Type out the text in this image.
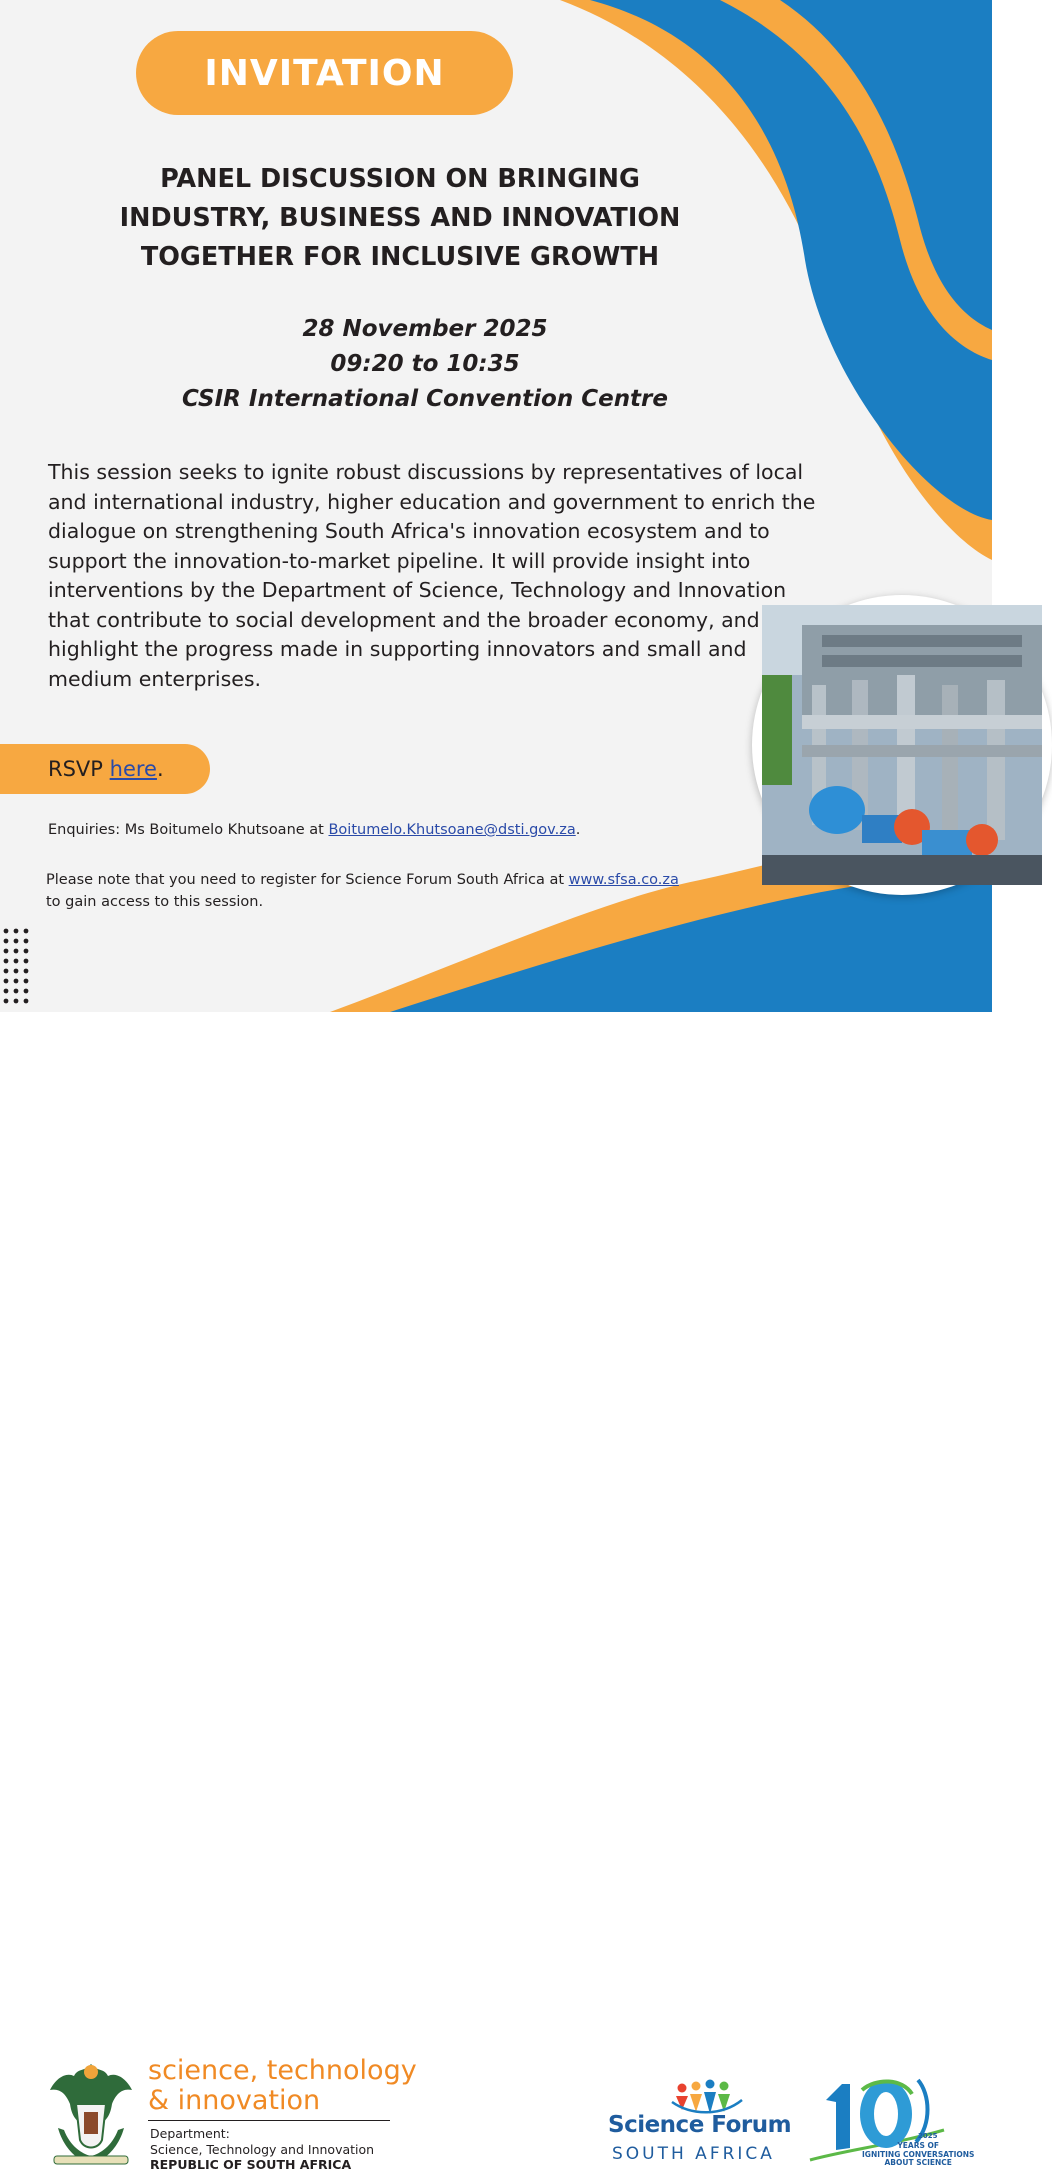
INVITATION
PANEL DISCUSSION ON BRINGING
INDUSTRY, BUSINESS AND INNOVATION
TOGETHER FOR INCLUSIVE GROWTH
28 November 2025
09:20 to 10:35
CSIR International Convention Centre
This session seeks to ignite robust discussions by representatives of local
and international industry, higher education and government to enrich the
dialogue on strengthening South Africa's innovation ecosystem and to
support the innovation-to-market pipeline. It will provide insight into
interventions by the Department of Science, Technology and Innovation
that contribute to social development and the broader economy, and
highlight the progress made in supporting innovators and small and
medium enterprises.
RSVP here.
Enquiries: Ms Boitumelo Khutsoane at Boitumelo.Khutsoane@dsti.gov.za.
Please note that you need to register for Science Forum South Africa at www.sfsa.co.za
to gain access to this session.
science, technology
& innovation
Department:
Science, Technology and Innovation
REPUBLIC OF SOUTH AFRICA
Science Forum
SOUTH AFRICA
2025
YEARS OF
IGNITING CONVERSATIONS
ABOUT SCIENCE
